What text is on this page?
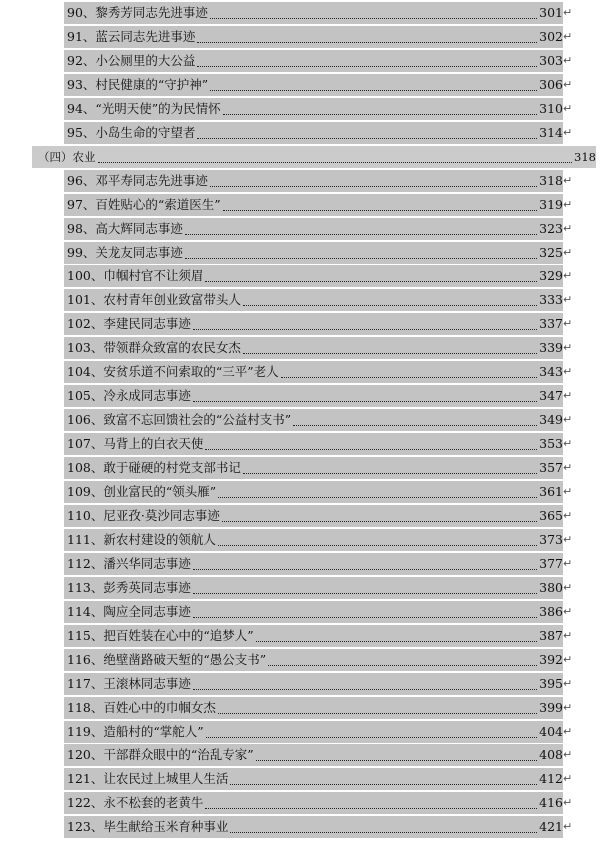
90、黎秀芳同志先进事迹	301 ↵
91、蓝云同志先进事迹	302 ↵
92、小公厕里的大公益	303 ↵
93、村民健康的“守护神”	306 ↵
94、“光明天使”的为民情怀	310 ↵
95、小岛生命的守望者	314 ↵
（四）农业	318
96、邓平寿同志先进事迹	318 ↵
97、百姓贴心的“索道医生”	319 ↵
98、高大辉同志事迹	323 ↵
99、关龙友同志事迹	325 ↵
100、巾帼村官不让须眉	329 ↵
101、农村青年创业致富带头人	333 ↵
102、李建民同志事迹	337 ↵
103、带领群众致富的农民女杰	339 ↵
104、安贫乐道不问索取的“三平”老人	343 ↵
105、冷永成同志事迹	347 ↵
106、致富不忘回馈社会的“公益村支书”	349 ↵
107、马背上的白衣天使	353 ↵
108、敢于碰硬的村党支部书记	357 ↵
109、创业富民的“领头雁”	361 ↵
110、尼亚孜·莫沙同志事迹	365 ↵
111、新农村建设的领航人	373 ↵
112、潘兴华同志事迹	377 ↵
113、彭秀英同志事迹	380 ↵
114、陶应全同志事迹	386 ↵
115、把百姓装在心中的“追梦人”	387 ↵
116、绝壁凿路破天堑的“愚公支书”	392 ↵
117、王滚林同志事迹	395 ↵
118、百姓心中的巾帼女杰	399 ↵
119、造船村的“掌舵人”	404 ↵
120、干部群众眼中的“治乱专家”	408 ↵
121、让农民过上城里人生活	412 ↵
122、永不松套的老黄牛	416 ↵
123、毕生献给玉米育种事业	421 ↵
